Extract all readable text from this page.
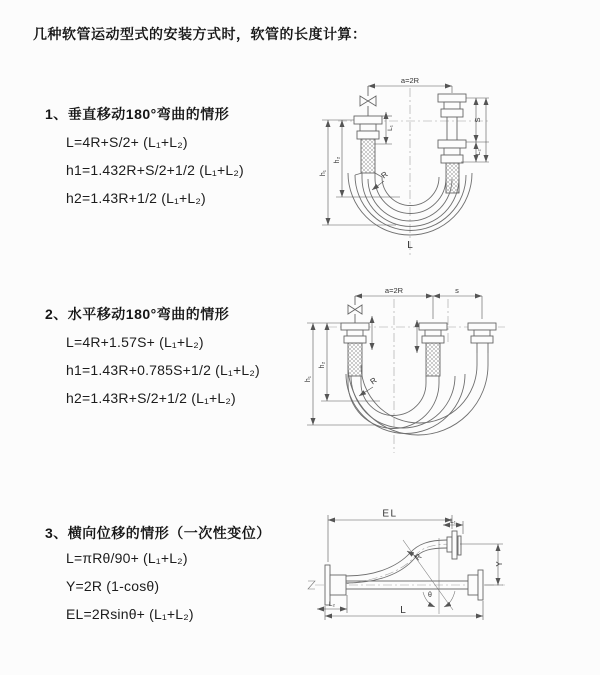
几种软管运动型式的安装方式时，软管的长度计算：
1、垂直移动180°弯曲的情形
L=4R+S/2+ (L₁+L₂)
h1=1.432R+S/2+1/2 (L₁+L₂)
h2=1.43R+1/2 (L₁+L₂)
2、水平移动180°弯曲的情形
L=4R+1.57S+ (L₁+L₂)
h1=1.43R+0.785S+1/2 (L₁+L₂)
h2=1.43R+S/2+1/2 (L₁+L₂)
3、横向位移的情形（一次性变位）
L=πRθ/90+ (L₁+L₂)
Y=2R (1-cosθ)
EL=2Rsinθ+ (L₁+L₂)
a=2R
L₁
S
L₂
h₂
h₁	R
L
a=2R	s
h₂
h₁	R
EL
L₁
Y
R
θ
L
L₂
